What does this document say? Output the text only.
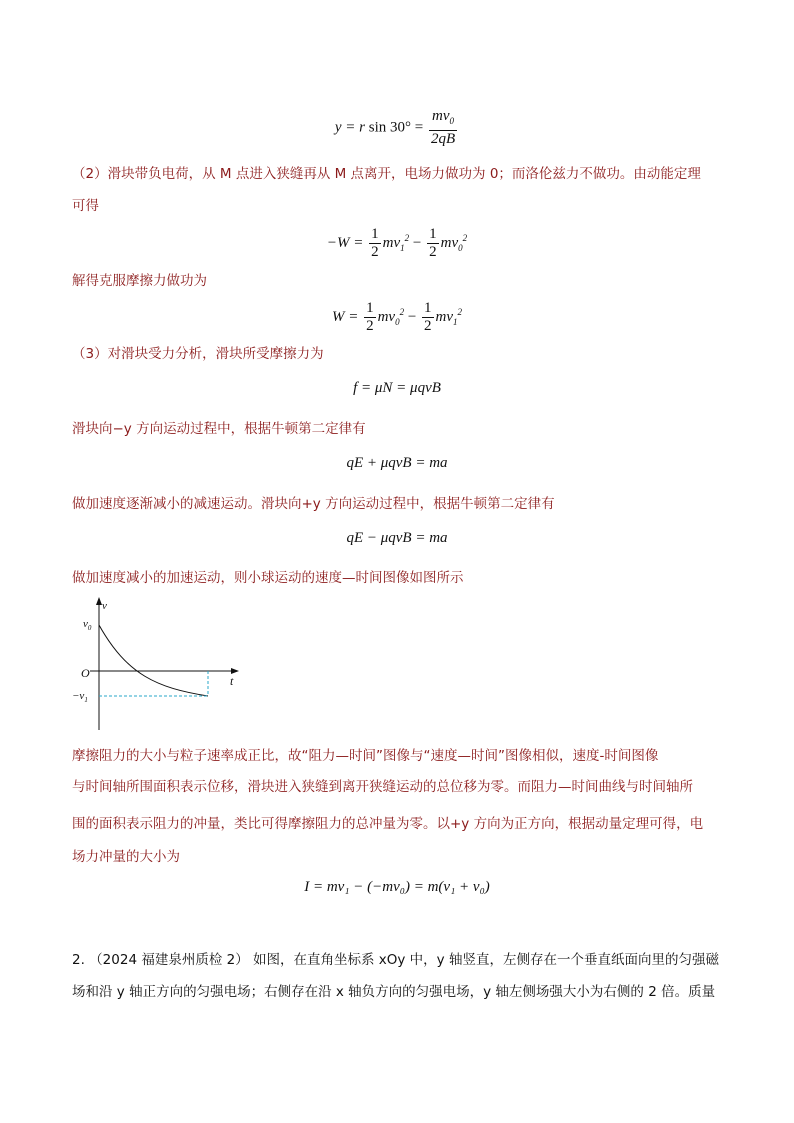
y = r $\sin 30^\circ = \frac{mv_0}{2qB}$
（2）滑块带负电荷，从 M 点进入狭缝再从 M 点离开，电场力做功为 0；而洛伦兹力不做功。由动能定理
可得
$-W = \frac{1}{2} mv_1^2 - \frac{1}{2} mv_0^2$
解得克服摩擦力做功为
$W = \frac{1}{2} mv_0^2 - \frac{1}{2} mv_1^2$
（3）对滑块受力分析，滑块所受摩擦力为
f = μN = μqvB
滑块向−y 方向运动过程中，根据牛顿第二定律有
qE + μqvB = ma
做加速度逐渐减小的减速运动。滑块向+y 方向运动过程中，根据牛顿第二定律有
qE − μqvB = ma
做加速度减小的加速运动，则小球运动的速度—时间图像如图所示
v
$v_0$
O
t
$-v_1$
摩擦阻力的大小与粒子速率成正比，故“阻力—时间”图像与“速度—时间”图像相似，速度-时间图像
与时间轴所围面积表示位移，滑块进入狭缝到离开狭缝运动的总位移为零。而阻力—时间曲线与时间轴所
围的面积表示阻力的冲量，类比可得摩擦阻力的总冲量为零。以+y 方向为正方向，根据动量定理可得，电
场力冲量的大小为
I = mv₁ − (−mv₀) = m(v₁ + v₀)
2. （2024 福建泉州质检 2） 如图，在直角坐标系 xOy 中，y 轴竖直，左侧存在一个垂直纸面向里的匀强磁
场和沿 y 轴正方向的匀强电场；右侧存在沿 x 轴负方向的匀强电场，y 轴左侧场强大小为右侧的 2 倍。质量
